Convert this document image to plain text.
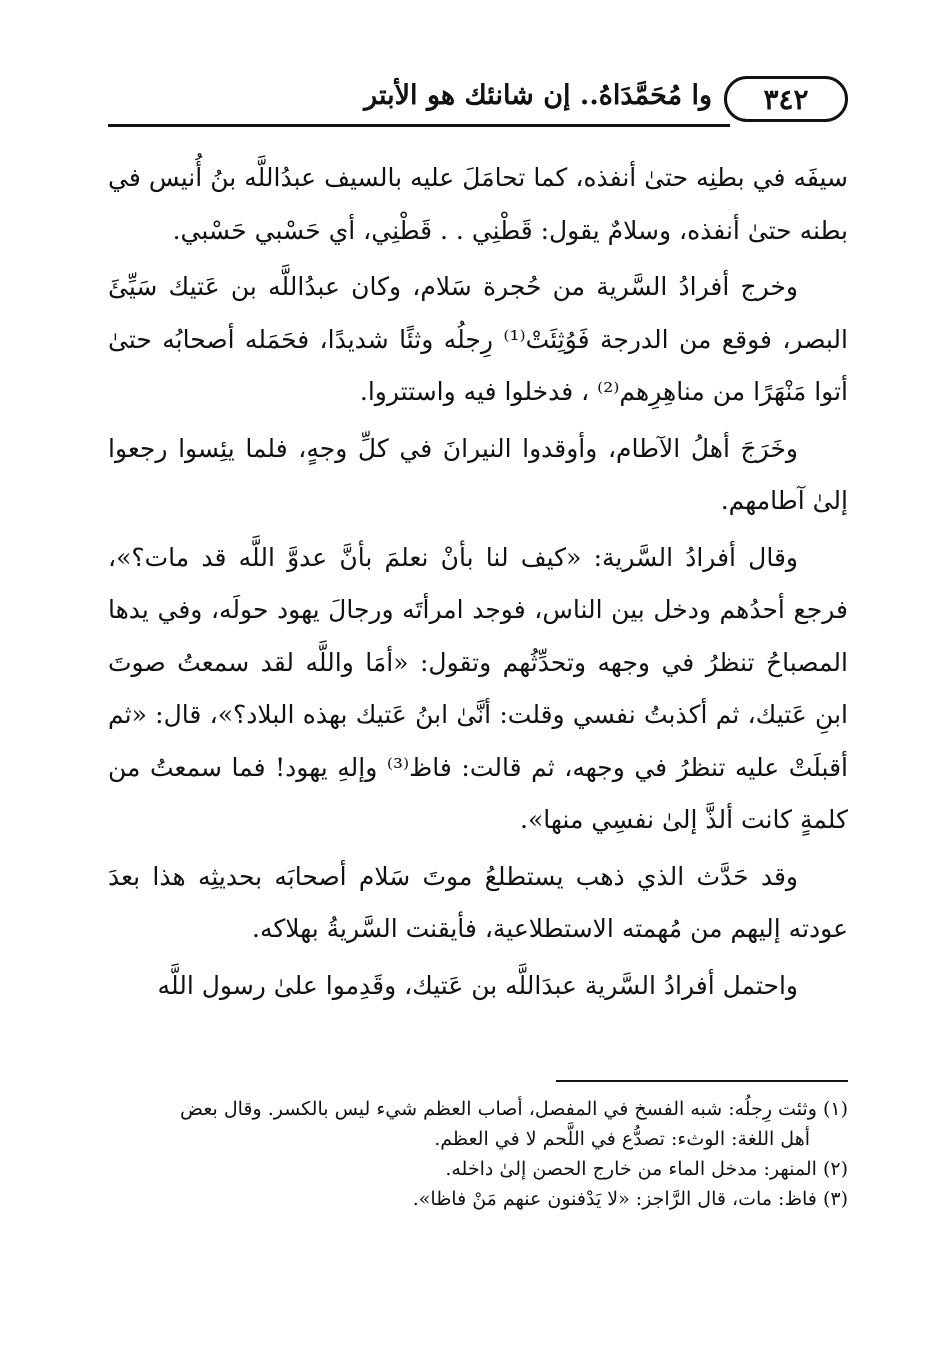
٣٤٢
وا مُحَمَّدَاهُ.. إن شانئك هو الأبتر

سيفَه في بطنِه حتىٰ أنفذه، كما تحامَلَ عليه بالسيف عبدُاللَّه بنُ أُنيس في بطنه حتىٰ أنفذه، وسلامٌ يقول: قَطْنِي . . قَطْنِي، أي حَسْبي حَسْبي.

وخرج أفرادُ السَّرية من حُجرة سَلام، وكان عبدُاللَّه بن عَتيك سَيِّئَ البصر، فوقع من الدرجة فَوُثِئَتْ⁽¹⁾ رِجلُه وثئًا شديدًا، فحَمَله أصحابُه حتىٰ أتوا مَنْهَرًا من مناهِرِهم⁽²⁾ ، فدخلوا فيه واستتروا.

وخَرَجَ أهلُ الآطام، وأوقدوا النيرانَ في كلِّ وجهٍ، فلما يئِسوا رجعوا إلىٰ آطامهم.

وقال أفرادُ السَّرية: «كيف لنا بأنْ نعلمَ بأنَّ عدوَّ اللَّه قد مات؟»، فرجع أحدُهم ودخل بين الناس، فوجد امرأتَه ورجالَ يهود حولَه، وفي يدها المصباحُ تنظرُ في وجهه وتحدِّثُهم وتقول: «أمَا واللَّه لقد سمعتُ صوتَ ابنِ عَتيك، ثم أكذبتُ نفسي وقلت: أنَّىٰ ابنُ عَتيك بهذه البلاد؟»، قال: «ثم أقبلَتْ عليه تنظرُ في وجهه، ثم قالت: فاظ⁽³⁾ وإلهِ يهود! فما سمعتُ من كلمةٍ كانت ألذَّ إلىٰ نفسِي منها».

وقد حَدَّث الذي ذهب يستطلعُ موتَ سَلام أصحابَه بحديثِه هذا بعدَ عودته إليهم من مُهمته الاستطلاعية، فأيقنت السَّريةُ بهلاكه.

واحتمل أفرادُ السَّرية عبدَاللَّه بن عَتيك، وقَدِموا علىٰ رسول اللَّه

(١) وثئت رِجلُه: شبه الفسخ في المفصل، أصاب العظم شيء ليس بالكسر. وقال بعض

أهل اللغة: الوثء: تصدُّع في اللَّحم لا في العظم.

(٢) المنهر: مدخل الماء من خارج الحصن إلىٰ داخله.

(٣) فاظ: مات، قال الرَّاجز: «لا يَدْفنون عنهم مَنْ فاظا».
